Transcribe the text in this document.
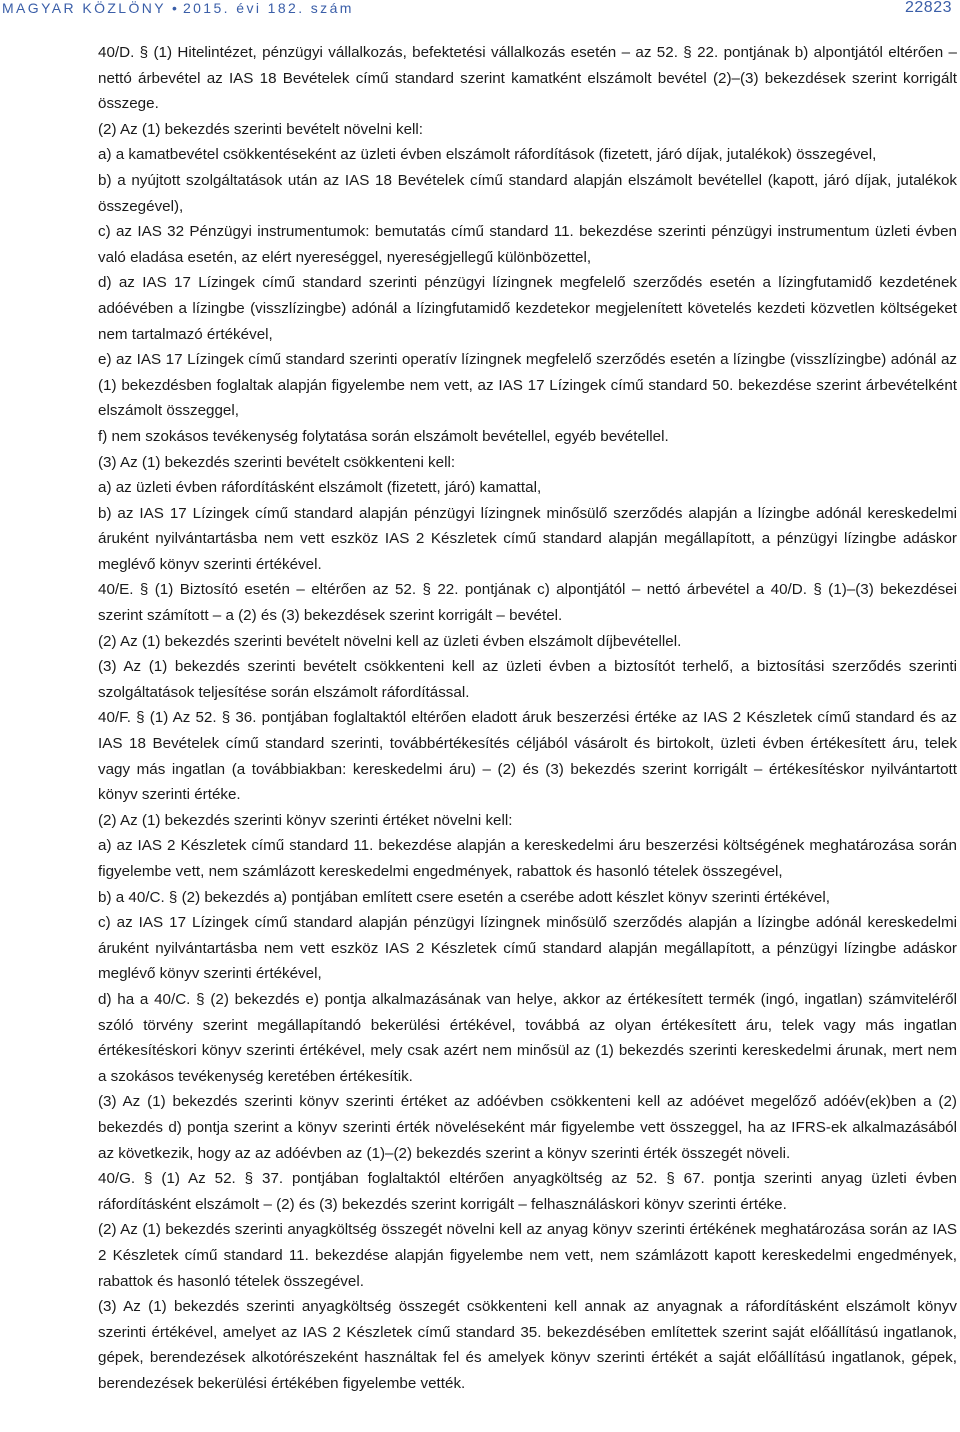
MAGYAR KÖZLÖNY • 2015. évi 182. szám	22823

40/D. § (1) Hitelintézet, pénzügyi vállalkozás, befektetési vállalkozás esetén – az 52. § 22. pontjának b) alpontjától eltérően – nettó árbevétel az IAS 18 Bevételek című standard szerint kamatként elszámolt bevétel (2)–(3) bekezdések szerint korrigált összege.

(2) Az (1) bekezdés szerinti bevételt növelni kell:

a) a kamatbevétel csökkentéseként az üzleti évben elszámolt ráfordítások (fizetett, járó díjak, jutalékok) összegével,

b) a nyújtott szolgáltatások után az IAS 18 Bevételek című standard alapján elszámolt bevétellel (kapott, járó díjak, jutalékok összegével),

c) az IAS 32 Pénzügyi instrumentumok: bemutatás című standard 11. bekezdése szerinti pénzügyi instrumentum üzleti évben való eladása esetén, az elért nyereséggel, nyereségjellegű különbözettel,

d) az IAS 17 Lízingek című standard szerinti pénzügyi lízingnek megfelelő szerződés esetén a lízingfutamidő kezdetének adóévében a lízingbe (visszlízingbe) adónál a lízingfutamidő kezdetekor megjelenített követelés kezdeti közvetlen költségeket nem tartalmazó értékével,

e) az IAS 17 Lízingek című standard szerinti operatív lízingnek megfelelő szerződés esetén a lízingbe (visszlízingbe) adónál az (1) bekezdésben foglaltak alapján figyelembe nem vett, az IAS 17 Lízingek című standard 50. bekezdése szerint árbevételként elszámolt összeggel,

f) nem szokásos tevékenység folytatása során elszámolt bevétellel, egyéb bevétellel.

(3) Az (1) bekezdés szerinti bevételt csökkenteni kell:

a) az üzleti évben ráfordításként elszámolt (fizetett, járó) kamattal,

b) az IAS 17 Lízingek című standard alapján pénzügyi lízingnek minősülő szerződés alapján a lízingbe adónál kereskedelmi áruként nyilvántartásba nem vett eszköz IAS 2 Készletek című standard alapján megállapított, a pénzügyi lízingbe adáskor meglévő könyv szerinti értékével.

40/E. § (1) Biztosító esetén – eltérően az 52. § 22. pontjának c) alpontjától – nettó árbevétel a 40/D. § (1)–(3) bekezdései szerint számított – a (2) és (3) bekezdések szerint korrigált – bevétel.

(2) Az (1) bekezdés szerinti bevételt növelni kell az üzleti évben elszámolt díjbevétellel.

(3) Az (1) bekezdés szerinti bevételt csökkenteni kell az üzleti évben a biztosítót terhelő, a biztosítási szerződés szerinti szolgáltatások teljesítése során elszámolt ráfordítással.

40/F. § (1) Az 52. § 36. pontjában foglaltaktól eltérően eladott áruk beszerzési értéke az IAS 2 Készletek című standard és az IAS 18 Bevételek című standard szerinti, továbbértékesítés céljából vásárolt és birtokolt, üzleti évben értékesített áru, telek vagy más ingatlan (a továbbiakban: kereskedelmi áru) – (2) és (3) bekezdés szerint korrigált – értékesítéskor nyilvántartott könyv szerinti értéke.

(2) Az (1) bekezdés szerinti könyv szerinti értéket növelni kell:

a) az IAS 2 Készletek című standard 11. bekezdése alapján a kereskedelmi áru beszerzési költségének meghatározása során figyelembe vett, nem számlázott kereskedelmi engedmények, rabattok és hasonló tételek összegével,

b) a 40/C. § (2) bekezdés a) pontjában említett csere esetén a cserébe adott készlet könyv szerinti értékével,

c) az IAS 17 Lízingek című standard alapján pénzügyi lízingnek minősülő szerződés alapján a lízingbe adónál kereskedelmi áruként nyilvántartásba nem vett eszköz IAS 2 Készletek című standard alapján megállapított, a pénzügyi lízingbe adáskor meglévő könyv szerinti értékével,

d) ha a 40/C. § (2) bekezdés e) pontja alkalmazásának van helye, akkor az értékesített termék (ingó, ingatlan) számviteléről szóló törvény szerint megállapítandó bekerülési értékével, továbbá az olyan értékesített áru, telek vagy más ingatlan értékesítéskori könyv szerinti értékével, mely csak azért nem minősül az (1) bekezdés szerinti kereskedelmi árunak, mert nem a szokásos tevékenység keretében értékesítik.

(3) Az (1) bekezdés szerinti könyv szerinti értéket az adóévben csökkenteni kell az adóévet megelőző adóév(ek)ben a (2) bekezdés d) pontja szerint a könyv szerinti érték növeléseként már figyelembe vett összeggel, ha az IFRS-ek alkalmazásából az következik, hogy az az adóévben az (1)–(2) bekezdés szerint a könyv szerinti érték összegét növeli.

40/G. § (1) Az 52. § 37. pontjában foglaltaktól eltérően anyagköltség az 52. § 67. pontja szerinti anyag üzleti évben ráfordításként elszámolt – (2) és (3) bekezdés szerint korrigált – felhasználáskori könyv szerinti értéke.

(2) Az (1) bekezdés szerinti anyagköltség összegét növelni kell az anyag könyv szerinti értékének meghatározása során az IAS 2 Készletek című standard 11. bekezdése alapján figyelembe nem vett, nem számlázott kapott kereskedelmi engedmények, rabattok és hasonló tételek összegével.

(3) Az (1) bekezdés szerinti anyagköltség összegét csökkenteni kell annak az anyagnak a ráfordításként elszámolt könyv szerinti értékével, amelyet az IAS 2 Készletek című standard 35. bekezdésében említettek szerint saját előállítású ingatlanok, gépek, berendezések alkotórészeként használtak fel és amelyek könyv szerinti értékét a saját előállítású ingatlanok, gépek, berendezések bekerülési értékében figyelembe vették.
